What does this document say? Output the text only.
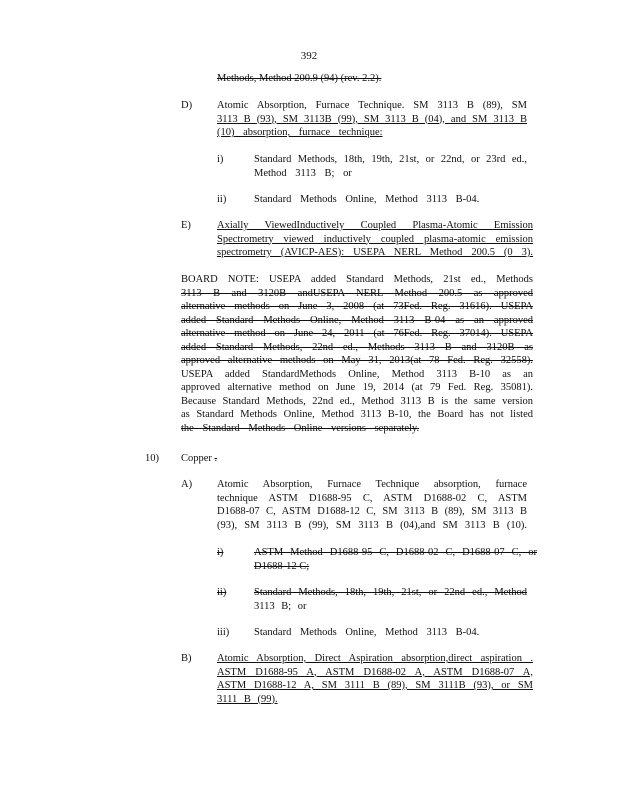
392
Methods, Method 200.9 (94) (rev. 2.2).
D) Atomic Absorption, Furnace Technique. SM 3113 B (89), SM
3113 B (93), SM 3113B (99), SM 3113 B (04), and SM 3113 B
(10) absorption, furnace technique:
i)	Standard Methods, 18th, 19th, 21st, or 22nd, or 23rd ed.,
Method 3113 B; or
ii)	Standard Methods Online, Method 3113 B-04.
E) Axially ViewedInductively Coupled Plasma-Atomic Emission
Spectrometry viewed inductively coupled plasma-atomic emission
spectrometry (AVICP-AES): USEPA NERL Method 200.5 (0 3).
BOARD NOTE: USEPA added Standard Methods, 21st ed., Methods
3113 B and 3120B andUSEPA NERL Method 200.5 as approved
alternative methods on June 3, 2008 (at 73Fed. Reg. 31616). USEPA
added Standard Methods Online, Method 3113 B-04 as an approved
alternative method on June 24, 2011 (at 76Fed. Reg. 37014). USEPA
added Standard Methods, 22nd ed., Methods 3113 B and 3120B as
approved alternative methods on May 31, 2013(at 78 Fed. Reg. 32558).
USEPA added StandardMethods Online, Method 3113 B-10 as an
approved alternative method on June 19, 2014 (at 79 Fed. Reg. 35081).
Because Standard Methods, 22nd ed., Method 3113 B is the same version
as Standard Methods Online, Method 3113 B-10, the Board has not listed
the Standard Methods Online versions separately.
10) Copper .
A) Atomic Absorption, Furnace Technique absorption, furnace
technique ASTM D1688-95 C, ASTM D1688-02 C, ASTM
D1688-07 C, ASTM D1688-12 C, SM 3113 B (89), SM 3113 B
(93), SM 3113 B (99), SM 3113 B (04),and SM 3113 B (10).
i)	ASTM Method D1688-95 C, D1688-02 C, D1688-07 C, or
D1688-12 C;
ii)	Standard Methods, 18th, 19th, 21st, or 22nd ed., Method
3113 B; or
iii) Standard Methods Online, Method 3113 B-04.
B) Atomic Absorption, Direct Aspiration absorption,direct aspiration .
ASTM D1688-95 A, ASTM D1688-02 A, ASTM D1688-07 A,
ASTM D1688-12 A, SM 3111 B (89), SM 3111B (93), or SM
3111 B (99).
